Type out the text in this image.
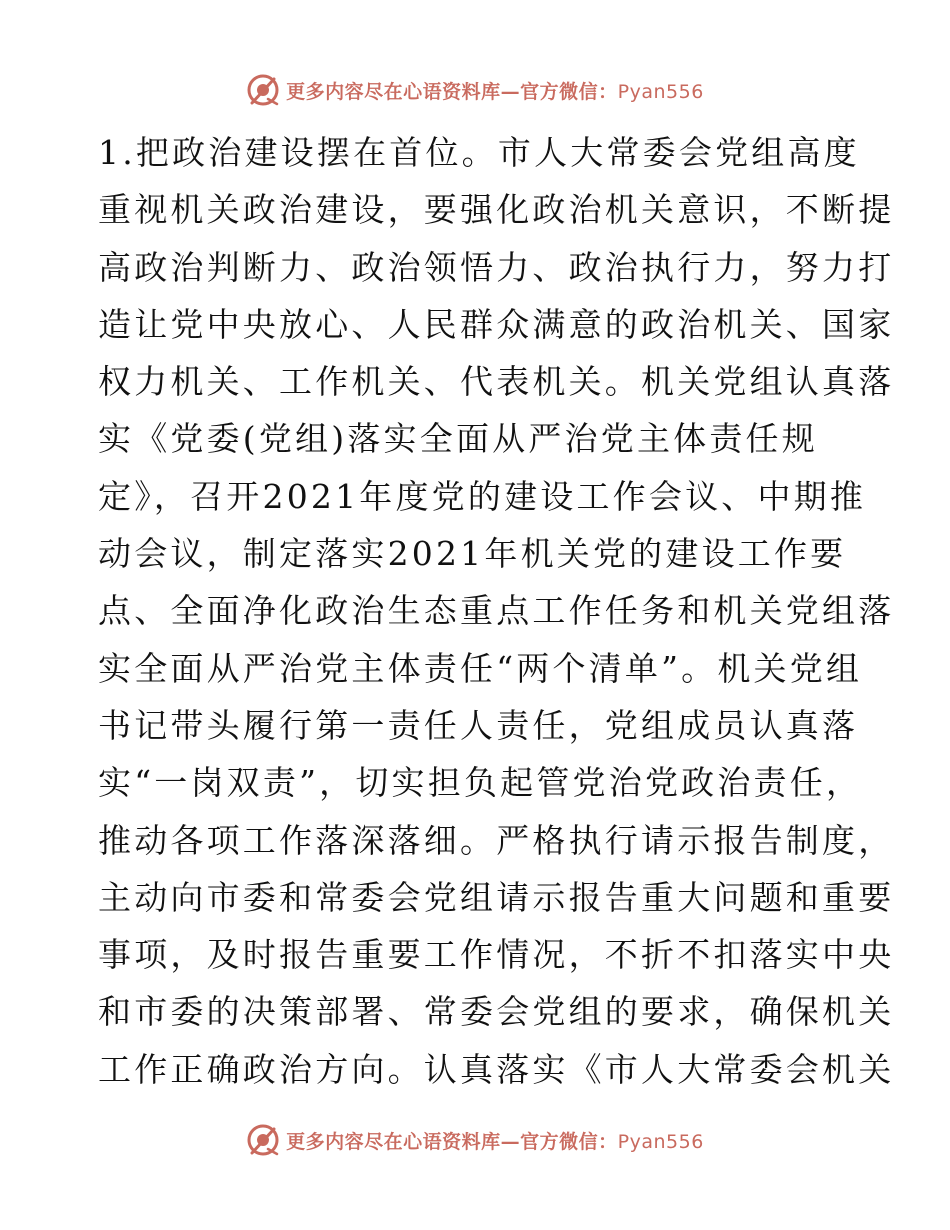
更多内容尽在心语资料库—官方微信：Pyan556
1.把政治建设摆在首位。市人大常委会党组高度
重视机关政治建设，要强化政治机关意识，不断提
高政治判断力、政治领悟力、政治执行力，努力打
造让党中央放心、人民群众满意的政治机关、国家
权力机关、工作机关、代表机关。机关党组认真落
实《党委(党组)落实全面从严治党主体责任规
定》，召开2021年度党的建设工作会议、中期推
动会议，制定落实2021年机关党的建设工作要
点、全面净化政治生态重点工作任务和机关党组落
实全面从严治党主体责任“两个清单”。机关党组
书记带头履行第一责任人责任，党组成员认真落
实“一岗双责”，切实担负起管党治党政治责任，
推动各项工作落深落细。严格执行请示报告制度，
主动向市委和常委会党组请示报告重大问题和重要
事项，及时报告重要工作情况，不折不扣落实中央
和市委的决策部署、常委会党组的要求，确保机关
工作正确政治方向。认真落实《市人大常委会机关
更多内容尽在心语资料库—官方微信：Pyan556
